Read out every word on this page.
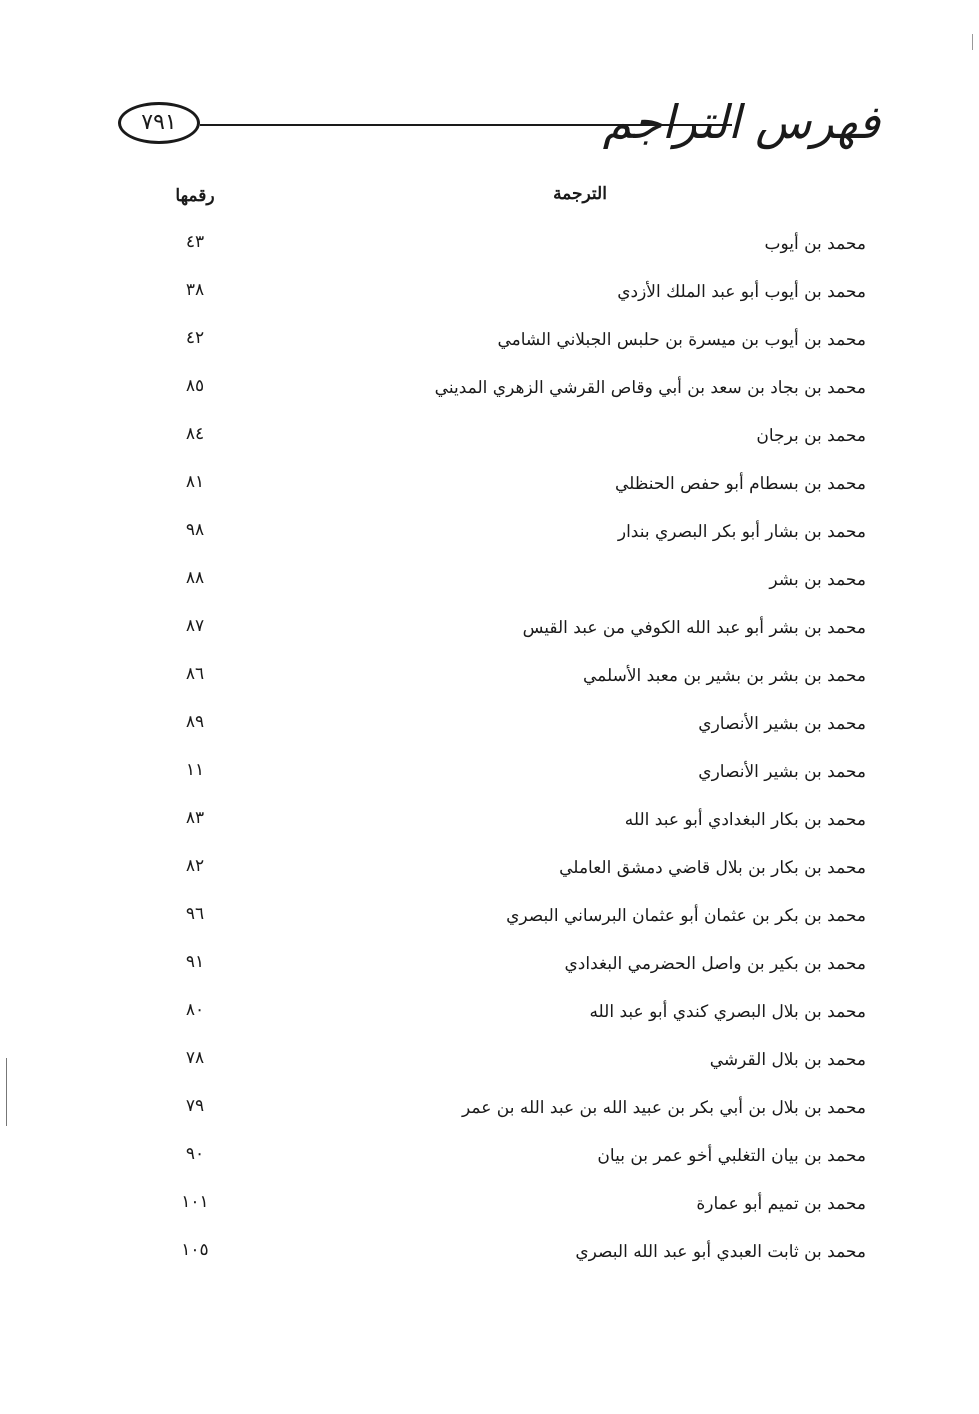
فهرس التراجم
٧٩١
الترجمة
رقمها
محمد بن أيوب
٤٣
محمد بن أيوب أبو عبد الملك الأزدي
٣٨
محمد بن أيوب بن ميسرة بن حلبس الجبلاني الشامي
٤٢
محمد بن بجاد بن سعد بن أبي وقاص القرشي الزهري المديني
٨٥
محمد بن برجان
٨٤
محمد بن بسطام أبو حفص الحنظلي
٨١
محمد بن بشار أبو بكر البصري بندار
٩٨
محمد بن بشر
٨٨
محمد بن بشر أبو عبد الله الكوفي من عبد القيس
٨٧
محمد بن بشر بن بشير بن معبد الأسلمي
٨٦
محمد بن بشير الأنصاري
٨٩
محمد بن بشير الأنصاري
١١
محمد بن بكار البغدادي أبو عبد الله
٨٣
محمد بن بكار بن بلال قاضي دمشق العاملي
٨٢
محمد بن بكر بن عثمان أبو عثمان البرساني البصري
٩٦
محمد بن بكير بن واصل الحضرمي البغدادي
٩١
محمد بن بلال البصري كندي أبو عبد الله
٨٠
محمد بن بلال القرشي
٧٨
محمد بن بلال بن أبي بكر بن عبيد الله بن عبد الله بن عمر
٧٩
محمد بن بيان التغلبي أخو عمر بن بيان
٩٠
محمد بن تميم أبو عمارة
١٠١
محمد بن ثابت العبدي أبو عبد الله البصري
١٠٥
